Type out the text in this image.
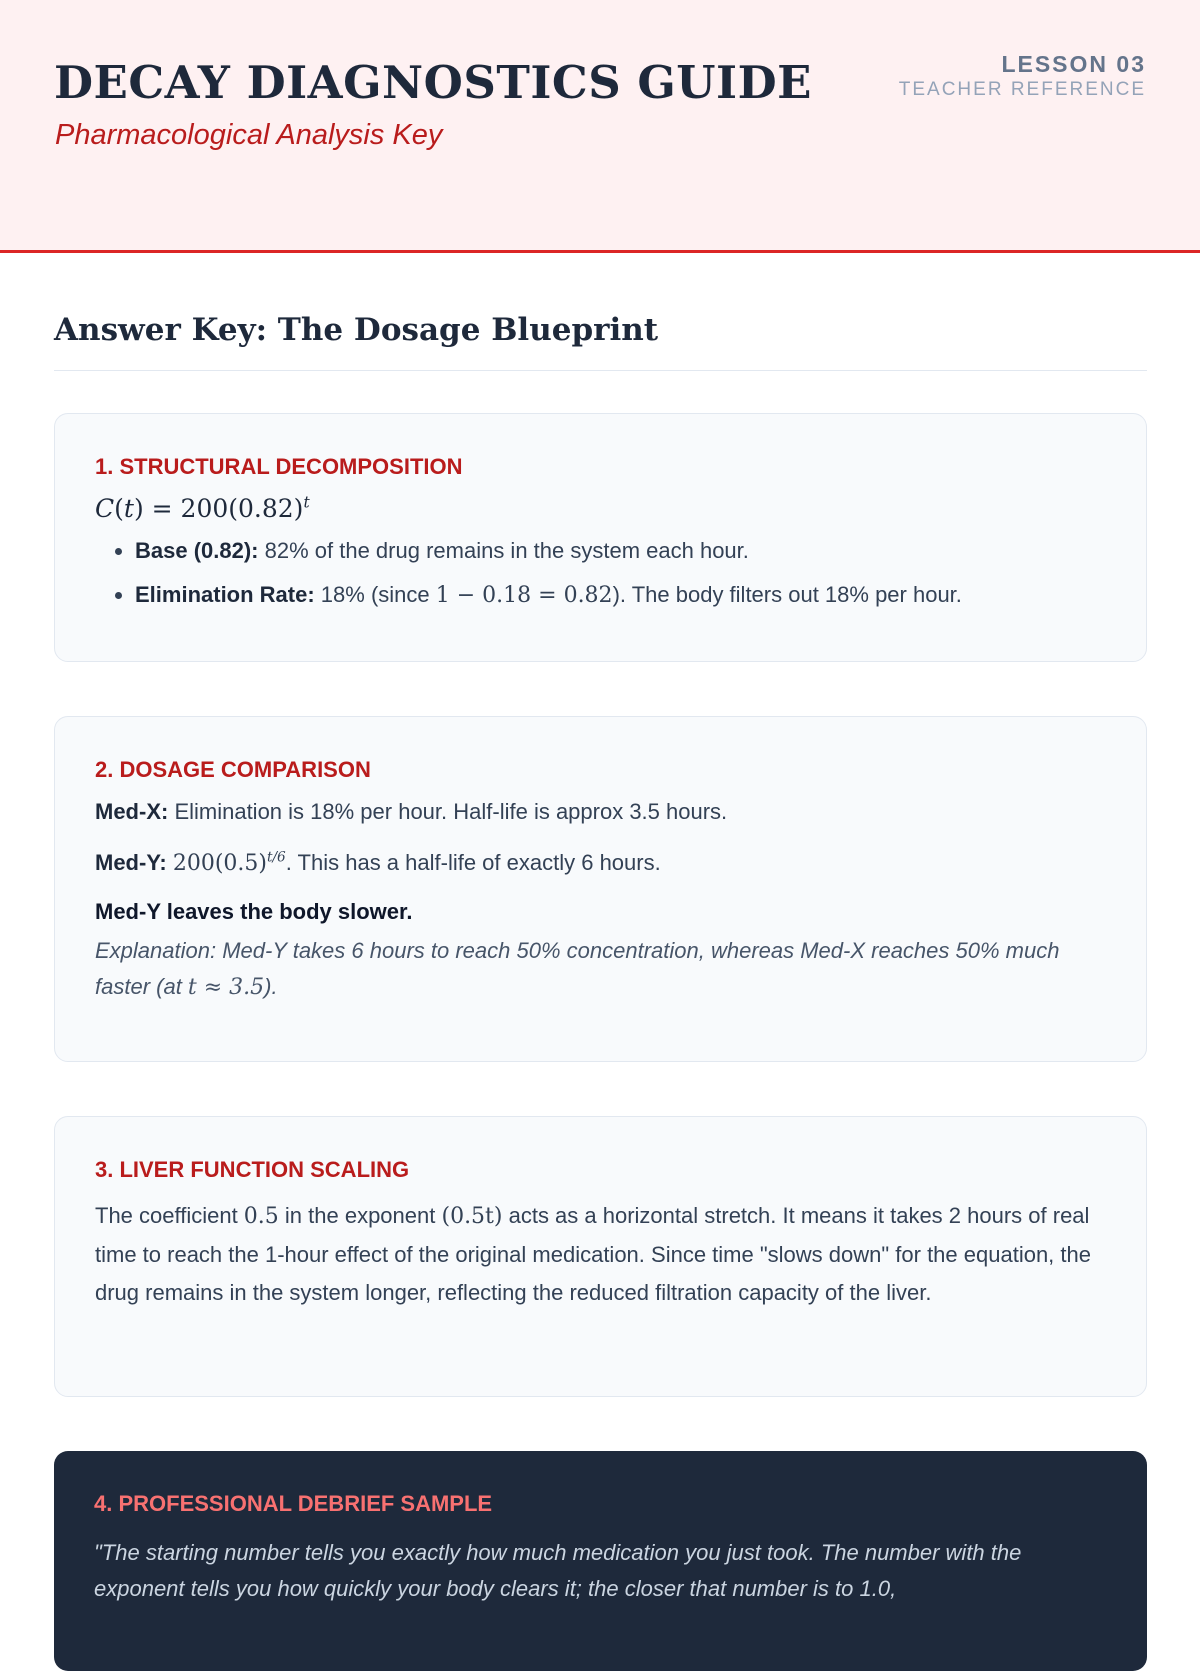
DECAY DIAGNOSTICS GUIDE
Pharmacological Analysis Key
LESSON 03
TEACHER REFERENCE
Answer Key: The Dosage Blueprint
1. STRUCTURAL DECOMPOSITION
$C(t) = 200(0.82)^t$
• Base (0.82): 82% of the drug remains in the system each hour.
• Elimination Rate: 18% (since 1 − 0.18 = 0.82). The body filters out 18% per hour.
2. DOSAGE COMPARISON
Med-X: Elimination is 18% per hour. Half-life is approx 3.5 hours.
Med-Y: $200(0.5)^{t/6}$. This has a half-life of exactly 6 hours.
Med-Y leaves the body slower.

Explanation: Med-Y takes 6 hours to reach 50% concentration, whereas Med-X reaches 50% much faster (at t ≈ 3.5).

3. LIVER FUNCTION SCALING

The coefficient 0.5 in the exponent (0.5t) acts as a horizontal stretch. It means it takes 2 hours of real time to reach the 1-hour effect of the original medication. Since time "slows down" for the equation, the drug remains in the system longer, reflecting the reduced filtration capacity of the liver.

4. PROFESSIONAL DEBRIEF SAMPLE

"The starting number tells you exactly how much medication you just took. The number with the exponent tells you how quickly your body clears it; the closer that number is to 1.0,
